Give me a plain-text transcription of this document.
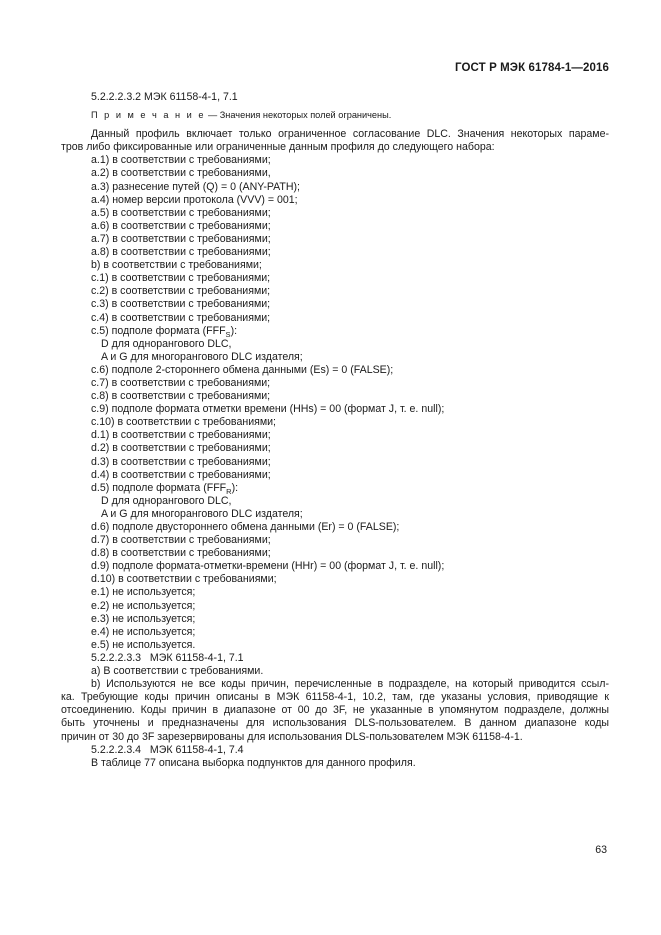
ГОСТ Р МЭК 61784-1—2016
5.2.2.2.3.2 МЭК 61158-4-1, 7.1
П р и м е ч а н и е — Значения некоторых полей ограничены.
Данный профиль включает только ограниченное согласование DLC. Значения некоторых параме-
тров либо фиксированные или ограниченные данным профиля до следующего набора:
a.1) в соответствии с требованиями;
a.2) в соответствии с требованиями,
a.3) разнесение путей (Q) = 0 (ANY-PATH);
a.4) номер версии протокола (VVV) = 001;
a.5) в соответствии с требованиями;
a.6) в соответствии с требованиями;
a.7) в соответствии с требованиями;
a.8) в соответствии с требованиями;
b) в соответствии с требованиями;
c.1) в соответствии с требованиями;
c.2) в соответствии с требованиями;
c.3) в соответствии с требованиями;
c.4) в соответствии с требованиями;
c.5) подполе формата $(FFF_S)$:
D для одноранговoго DLC,
A и G для многорангового DLC издателя;
c.6) подполе 2-стороннего обмена данными (Es) = 0 (FALSE);
c.7) в соответствии с требованиями;
c.8) в соответствии с требованиями;
c.9) подполе формата отметки времени (HHs) = 00 (формат J, т. е. null);
c.10) в соответствии с требованиями;
d.1) в соответствии с требованиями;
d.2) в соответствии с требованиями;
d.3) в соответствии с требованиями;
d.4) в соответствии с требованиями;
d.5) подполе формата $(FFF_R)$:
D для одноранговoго DLC,
A и G для многорангового DLC издателя;
d.6) подполе двустороннего обмена данными (Er) = 0 (FALSE);
d.7) в соответствии с требованиями;
d.8) в соответствии с требованиями;
d.9) подполе формата-отметки-времени (HHr) = 00 (формат J, т. е. null);
d.10) в соответствии с требованиями;
e.1) не используется;
e.2) не используется;
e.3) не используется;
e.4) не используется;
e.5) не используется.
5.2.2.2.3.3   МЭК 61158-4-1, 7.1
a) В соответствии с требованиями.
b) Используются не все коды причин, перечисленные в подразделе, на который приводится ссыл-
ка. Требующие коды причин описаны в МЭК 61158-4-1, 10.2, там, где указаны условия, приводящие к
отсоединению. Коды причин в диапазоне от 00 до 3F, не указанные в упомянутом подразделе, должны
быть уточнены и предназначены для использования DLS-пользователем. В данном диапазоне коды
причин от 30 до 3F зарезервированы для использования DLS-пользователем МЭК 61158-4-1.
5.2.2.2.3.4   МЭК 61158-4-1, 7.4
В таблице 77 описана выборка подпунктов для данного профиля.
63
